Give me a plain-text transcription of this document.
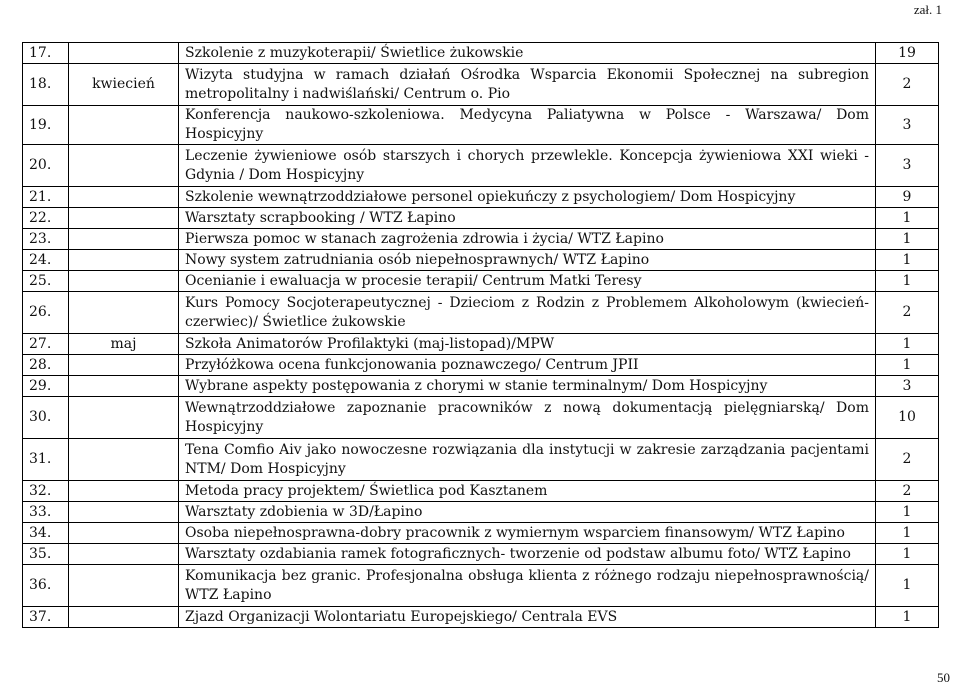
zał. 1
17.		Szkolenie z muzykoterapii/ Świetlice żukowskie	19
18.	kwiecień	Wizyta studyjna w ramach działań Ośrodka Wsparcia Ekonomii Społecznej na subregion metropolitalny i nadwiślański/ Centrum o. Pio	2
19.		Konferencja naukowo-szkoleniowa. Medycyna Paliatywna w Polsce - Warszawa/ Dom Hospicyjny	3
20.		Leczenie żywieniowe osób starszych i chorych przewlekle. Koncepcja żywieniowa XXI wieki - Gdynia / Dom Hospicyjny	3
21.		Szkolenie wewnątrzoddziałowe personel opiekuńczy z psychologiem/ Dom Hospicyjny	9
22.		Warsztaty scrapbooking / WTZ Łapino	1
23.		Pierwsza pomoc w stanach zagrożenia zdrowia i życia/ WTZ Łapino	1
24.		Nowy system zatrudniania osób niepełnosprawnych/ WTZ Łapino	1
25.		Ocenianie i ewaluacja w procesie terapii/ Centrum Matki Teresy	1
26.		Kurs Pomocy Socjoterapeutycznej - Dzieciom z Rodzin z Problemem Alkoholowym (kwiecień-czerwiec)/ Świetlice żukowskie	2
27.	maj	Szkoła Animatorów Profilaktyki (maj-listopad)/MPW	1
28.		Przyłóżkowa ocena funkcjonowania poznawczego/ Centrum JPII	1
29.		Wybrane aspekty postępowania z chorymi w stanie terminalnym/ Dom Hospicyjny	3
30.		Wewnątrzoddziałowe zapoznanie pracowników z nową dokumentacją pielęgniarską/ Dom Hospicyjny	10
31.		Tena Comfio Aiv jako nowoczesne rozwiązania dla instytucji w zakresie zarządzania pacjentami NTM/ Dom Hospicyjny	2
32.		Metoda pracy projektem/ Świetlica pod Kasztanem	2
33.		Warsztaty zdobienia w 3D/Łapino	1
34.		Osoba niepełnosprawna-dobry pracownik z wymiernym wsparciem finansowym/ WTZ Łapino	1
35.		Warsztaty ozdabiania ramek fotograficznych- tworzenie od podstaw albumu foto/ WTZ Łapino	1
36.		Komunikacja bez granic. Profesjonalna obsługa klienta z różnego rodzaju niepełnosprawnością/ WTZ Łapino	1
37.		Zjazd Organizacji Wolontariatu Europejskiego/ Centrala EVS	1
50
